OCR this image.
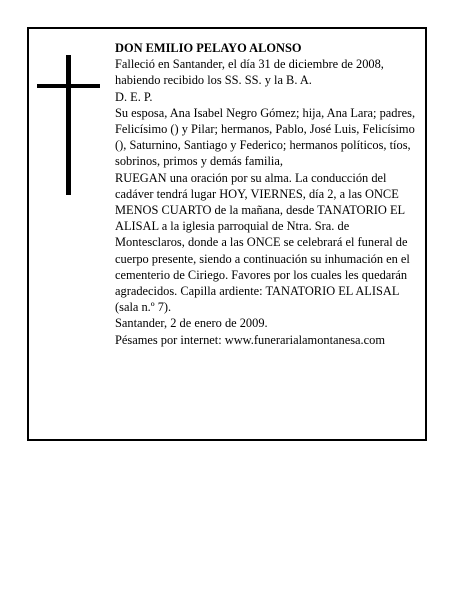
DON EMILIO PELAYO ALONSO

Falleció en Santander, el día 31 de diciembre de 2008, habiendo recibido los SS. SS. y la B. A.

D. E. P.

Su esposa, Ana Isabel Negro Gómez; hija, Ana Lara; padres, Felicísimo () y Pilar; hermanos, Pablo, José Luis, Felicísimo (), Saturnino, Santiago y Federico; hermanos políticos, tíos, sobrinos, primos y demás familia,

RUEGAN una oración por su alma. La conducción del cadáver tendrá lugar HOY, VIERNES, día 2, a las ONCE MENOS CUARTO de la mañana, desde TANATORIO EL ALISAL a la iglesia parroquial de Ntra. Sra. de Montesclaros, donde a las ONCE se celebrará el funeral de cuerpo presente, siendo a continuación su inhumación en el cementerio de Ciriego. Favores por los cuales les quedarán agradecidos. Capilla ardiente: TANATORIO EL ALISAL (sala n.º 7).

Santander, 2 de enero de 2009.

Pésames por internet: www.funerarialamontanesa.com
